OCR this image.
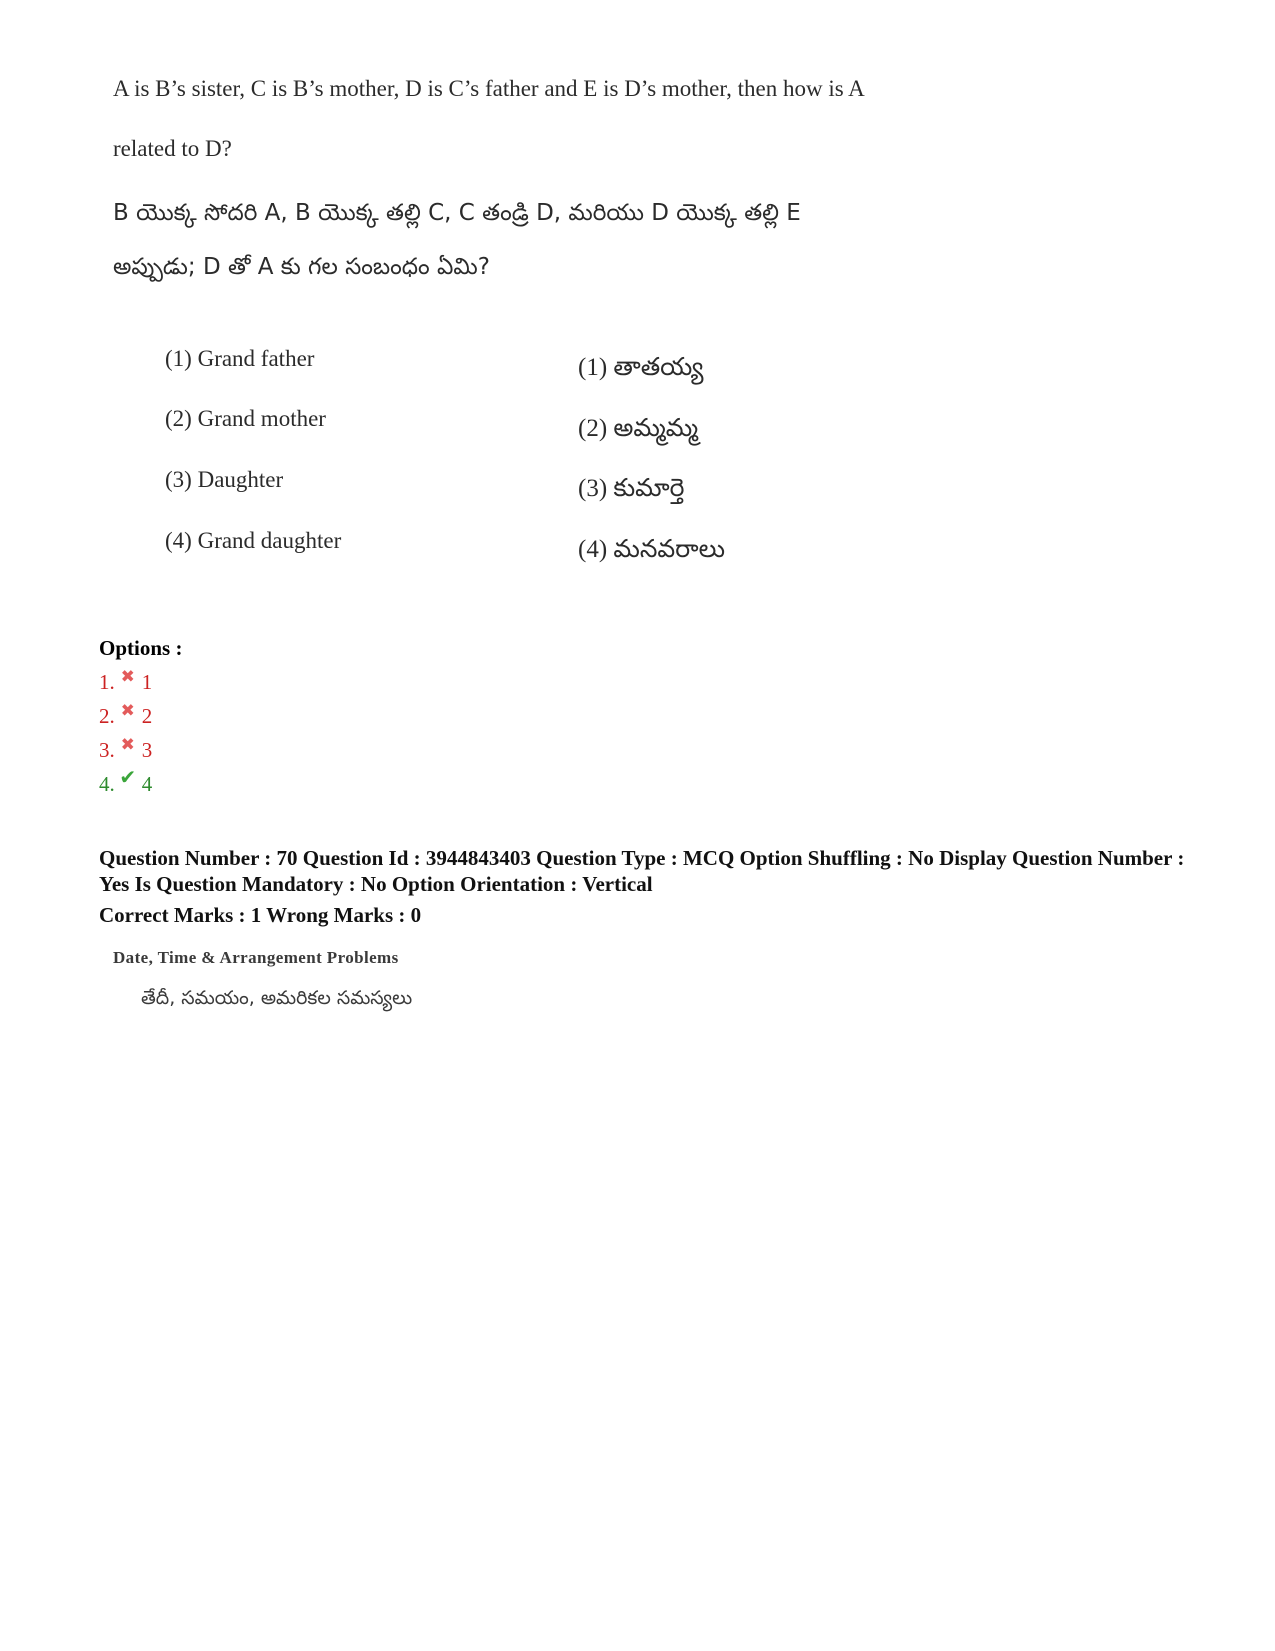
A is B’s sister, C is B’s mother, D is C’s father and E is D’s mother, then how is A

related to D?

B యొక్క సోదరి A, B యొక్క తల్లి C, C తండ్రి D, మరియు D యొక్క తల్లి E

అప్పుడు; D తో A కు గల సంబంధం ఏమి?

(1) Grand father	(1) తాతయ్య
(2) Grand mother	(2) అమ్మమ్మ
(3) Daughter	(3) కుమార్తె
(4) Grand daughter	(4) మనవరాలు
Options :
1. ✖ 1
2. ✖ 2
3. ✖ 3
4. ✔ 4
Question Number : 70 Question Id : 3944843403 Question Type : MCQ Option Shuffling : No Display Question Number : Yes Is Question Mandatory : No Option Orientation : Vertical
Correct Marks : 1 Wrong Marks : 0
Date, Time & Arrangement Problems
తేదీ, సమయం, అమరికల సమస్యలు
